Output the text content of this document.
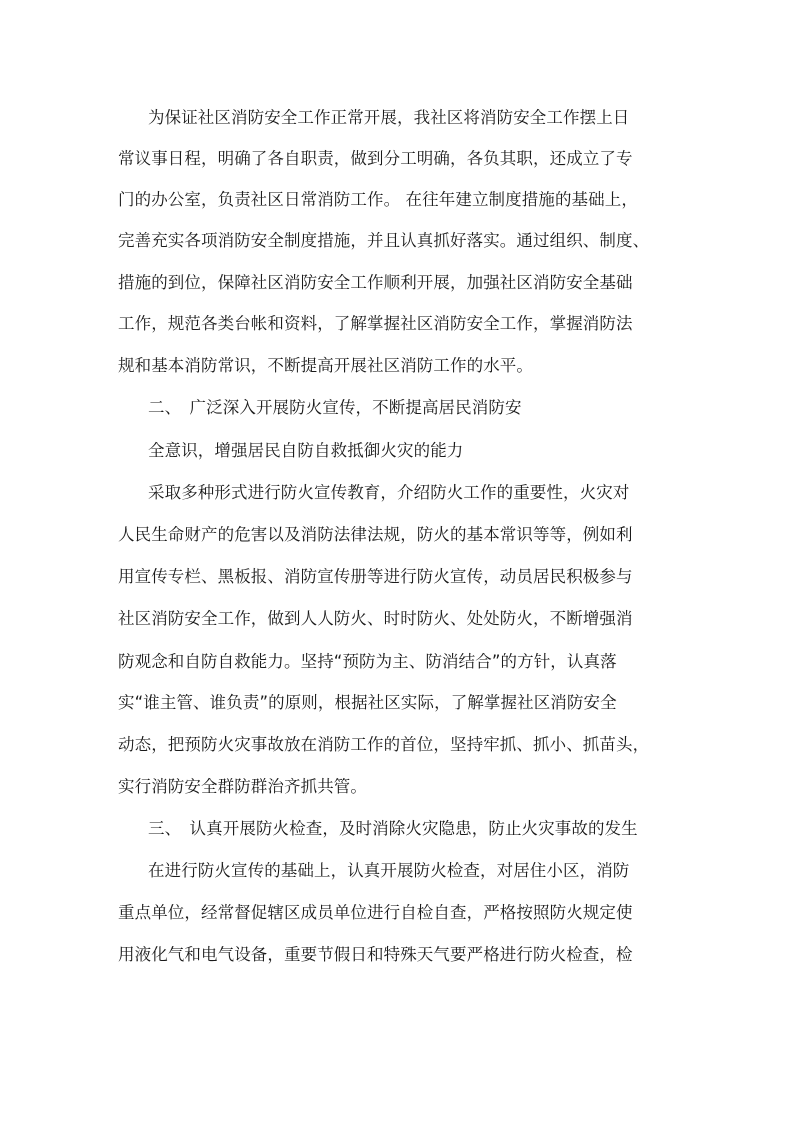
为保证社区消防安全工作正常开展，我社区将消防安全工作摆上日
常议事日程，明确了各自职责，做到分工明确，各负其职，还成立了专
门的办公室，负责社区日常消防工作。 在往年建立制度措施的基础上，
完善充实各项消防安全制度措施，并且认真抓好落实。通过组织、制度、
措施的到位，保障社区消防安全工作顺利开展，加强社区消防安全基础
工作，规范各类台帐和资料，了解掌握社区消防安全工作，掌握消防法
规和基本消防常识，不断提高开展社区消防工作的水平。
二、　广泛深入开展防火宣传，不断提高居民消防安
全意识，增强居民自防自救抵御火灾的能力
采取多种形式进行防火宣传教育，介绍防火工作的重要性，火灾对
人民生命财产的危害以及消防法律法规，防火的基本常识等等，例如利
用宣传专栏、黑板报、消防宣传册等进行防火宣传，动员居民积极参与
社区消防安全工作，做到人人防火、时时防火、处处防火，不断增强消
防观念和自防自救能力。坚持“预防为主、防消结合”的方针，认真落
实“谁主管、谁负责”的原则，根据社区实际，了解掌握社区消防安全
动态，把预防火灾事故放在消防工作的首位，坚持牢抓、抓小、抓苗头，
实行消防安全群防群治齐抓共管。
三、　认真开展防火检查，及时消除火灾隐患，防止火灾事故的发生
在进行防火宣传的基础上，认真开展防火检查，对居住小区，消防
重点单位，经常督促辖区成员单位进行自检自查，严格按照防火规定使
用液化气和电气设备，重要节假日和特殊天气要严格进行防火检查，检
